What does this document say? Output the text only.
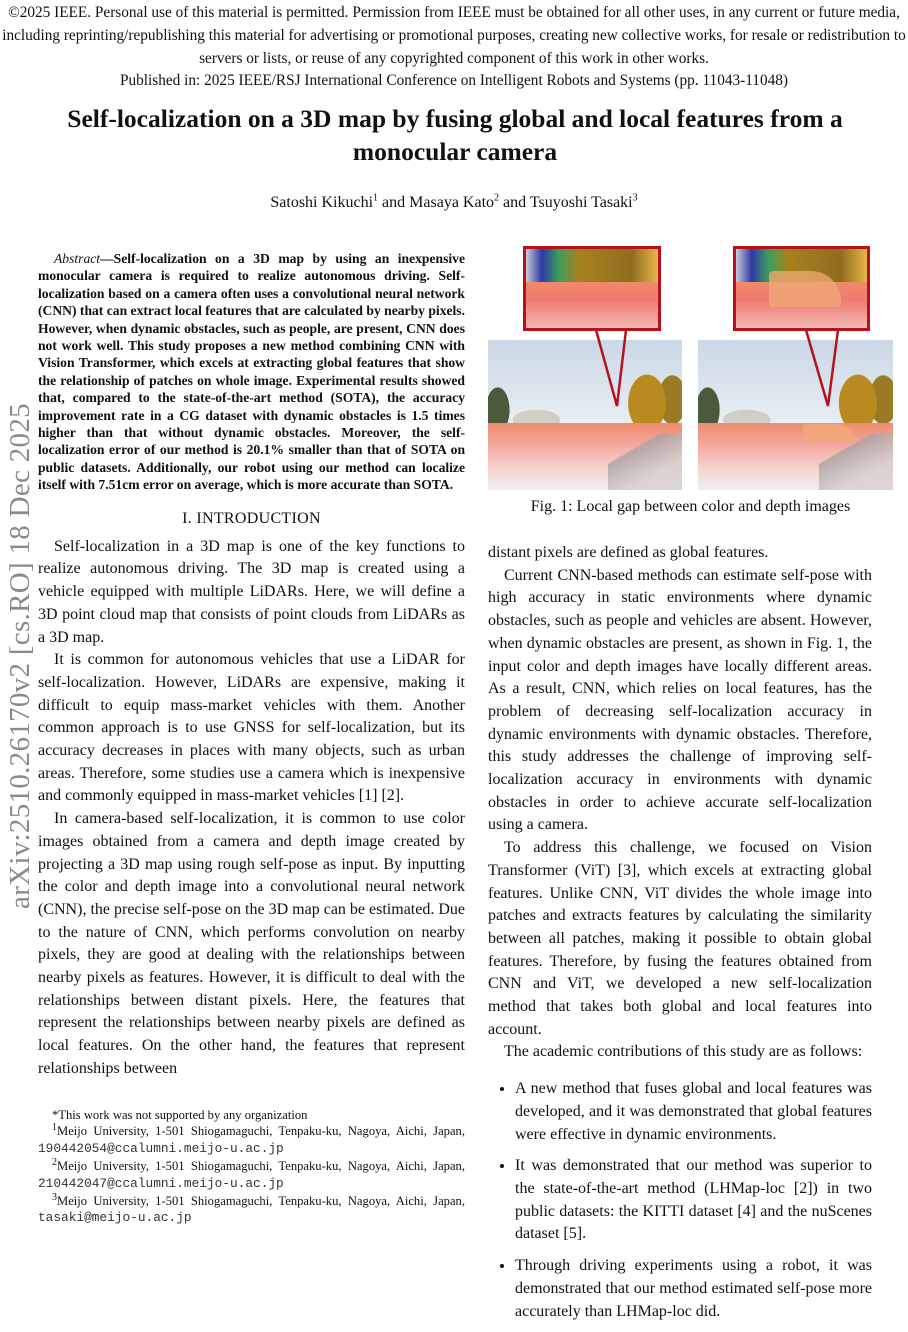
©2025 IEEE. Personal use of this material is permitted. Permission from IEEE must be obtained for all other uses, in any current or future media, including reprinting/republishing this material for advertising or promotional purposes, creating new collective works, for resale or redistribution to servers or lists, or reuse of any copyrighted component of this work in other works.

Published in: 2025 IEEE/RSJ International Conference on Intelligent Robots and Systems (pp. 11043-11048)

arXiv:2510.26170v2 [cs.RO] 18 Dec 2025
Self-localization on a 3D map by fusing global and local features from a monocular camera
Satoshi Kikuchi$^1$ and Masaya Kato$^2$ and Tsuyoshi Tasaki$^3$
Abstract—Self-localization on a 3D map by using an inexpensive monocular camera is required to realize autonomous driving. Self-localization based on a camera often uses a convolutional neural network (CNN) that can extract local features that are calculated by nearby pixels. However, when dynamic obstacles, such as people, are present, CNN does not work well. This study proposes a new method combining CNN with Vision Transformer, which excels at extracting global features that show the relationship of patches on whole image. Experimental results showed that, compared to the state-of-the-art method (SOTA), the accuracy improvement rate in a CG dataset with dynamic obstacles is 1.5 times higher than that without dynamic obstacles. Moreover, the self-localization error of our method is 20.1% smaller than that of SOTA on public datasets. Additionally, our robot using our method can localize itself with 7.51cm error on average, which is more accurate than SOTA.
I. INTRODUCTION

Self-localization in a 3D map is one of the key functions to realize autonomous driving. The 3D map is created using a vehicle equipped with multiple LiDARs. Here, we will define a 3D point cloud map that consists of point clouds from LiDARs as a 3D map.

It is common for autonomous vehicles that use a LiDAR for self-localization. However, LiDARs are expensive, making it difficult to equip mass-market vehicles with them. Another common approach is to use GNSS for self-localization, but its accuracy decreases in places with many objects, such as urban areas. Therefore, some studies use a camera which is inexpensive and commonly equipped in mass-market vehicles [1] [2].

In camera-based self-localization, it is common to use color images obtained from a camera and depth image created by projecting a 3D map using rough self-pose as input. By inputting the color and depth image into a convolutional neural network (CNN), the precise self-pose on the 3D map can be estimated. Due to the nature of CNN, which performs convolution on nearby pixels, they are good at dealing with the relationships between nearby pixels as features. However, it is difficult to deal with the relationships between distant pixels. Here, the features that represent the relationships between nearby pixels are defined as local features. On the other hand, the features that represent relationships between

*This work was not supported by any organization

$^1$Meijo University, 1-501 Shiogamaguchi, Tenpaku-ku, Nagoya, Aichi, Japan, 190442054@ccalumni.meijo-u.ac.jp

$^2$Meijo University, 1-501 Shiogamaguchi, Tenpaku-ku, Nagoya, Aichi, Japan, 210442047@ccalumni.meijo-u.ac.jp

$^3$Meijo University, 1-501 Shiogamaguchi, Tenpaku-ku, Nagoya, Aichi, Japan, tasaki@meijo-u.ac.jp

Fig. 1: Local gap between color and depth images

distant pixels are defined as global features.

Current CNN-based methods can estimate self-pose with high accuracy in static environments where dynamic obstacles, such as people and vehicles are absent. However, when dynamic obstacles are present, as shown in Fig. 1, the input color and depth images have locally different areas. As a result, CNN, which relies on local features, has the problem of decreasing self-localization accuracy in dynamic environments with dynamic obstacles. Therefore, this study addresses the challenge of improving self-localization accuracy in environments with dynamic obstacles in order to achieve accurate self-localization using a camera.

To address this challenge, we focused on Vision Transformer (ViT) [3], which excels at extracting global features. Unlike CNN, ViT divides the whole image into patches and extracts features by calculating the similarity between all patches, making it possible to obtain global features. Therefore, by fusing the features obtained from CNN and ViT, we developed a new self-localization method that takes both global and local features into account.

The academic contributions of this study are as follows:

• A new method that fuses global and local features was developed, and it was demonstrated that global features were effective in dynamic environments.
• It was demonstrated that our method was superior to the state-of-the-art method (LHMap-loc [2]) in two public datasets: the KITTI dataset [4] and the nuScenes dataset [5].
• Through driving experiments using a robot, it was demonstrated that our method estimated self-pose more accurately than LHMap-loc did.
